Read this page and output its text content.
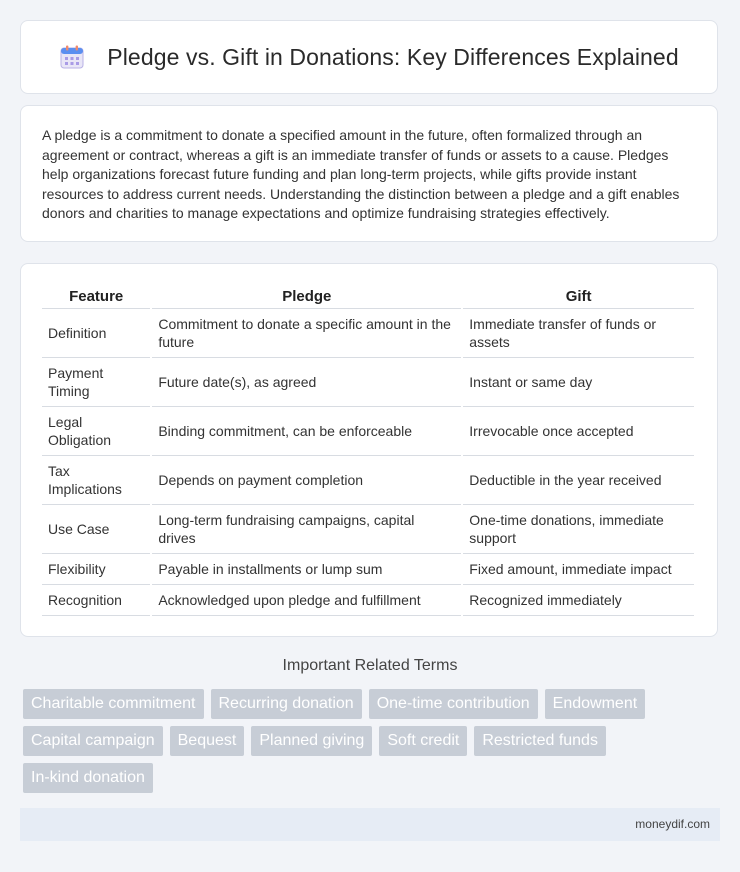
Pledge vs. Gift in Donations: Key Differences Explained

A pledge is a commitment to donate a specified amount in the future, often formalized through an agreement or contract, whereas a gift is an immediate transfer of funds or assets to a cause. Pledges help organizations forecast future funding and plan long-term projects, while gifts provide instant resources to address current needs. Understanding the distinction between a pledge and a gift enables donors and charities to manage expectations and optimize fundraising strategies effectively.

Feature	Pledge	Gift
Definition	Commitment to donate a specific amount in the future	Immediate transfer of funds or assets
Payment Timing	Future date(s), as agreed	Instant or same day
Legal Obligation	Binding commitment, can be enforceable	Irrevocable once accepted
Tax Implications	Depends on payment completion	Deductible in the year received
Use Case	Long-term fundraising campaigns, capital drives	One-time donations, immediate support
Flexibility	Payable in installments or lump sum	Fixed amount, immediate impact
Recognition	Acknowledged upon pledge and fulfillment	Recognized immediately
Important Related Terms
Charitable commitment	Recurring donation	One-time contribution	Endowment
Capital campaign	Bequest	Planned giving	Soft credit	Restricted funds
In-kind donation
moneydif.com
